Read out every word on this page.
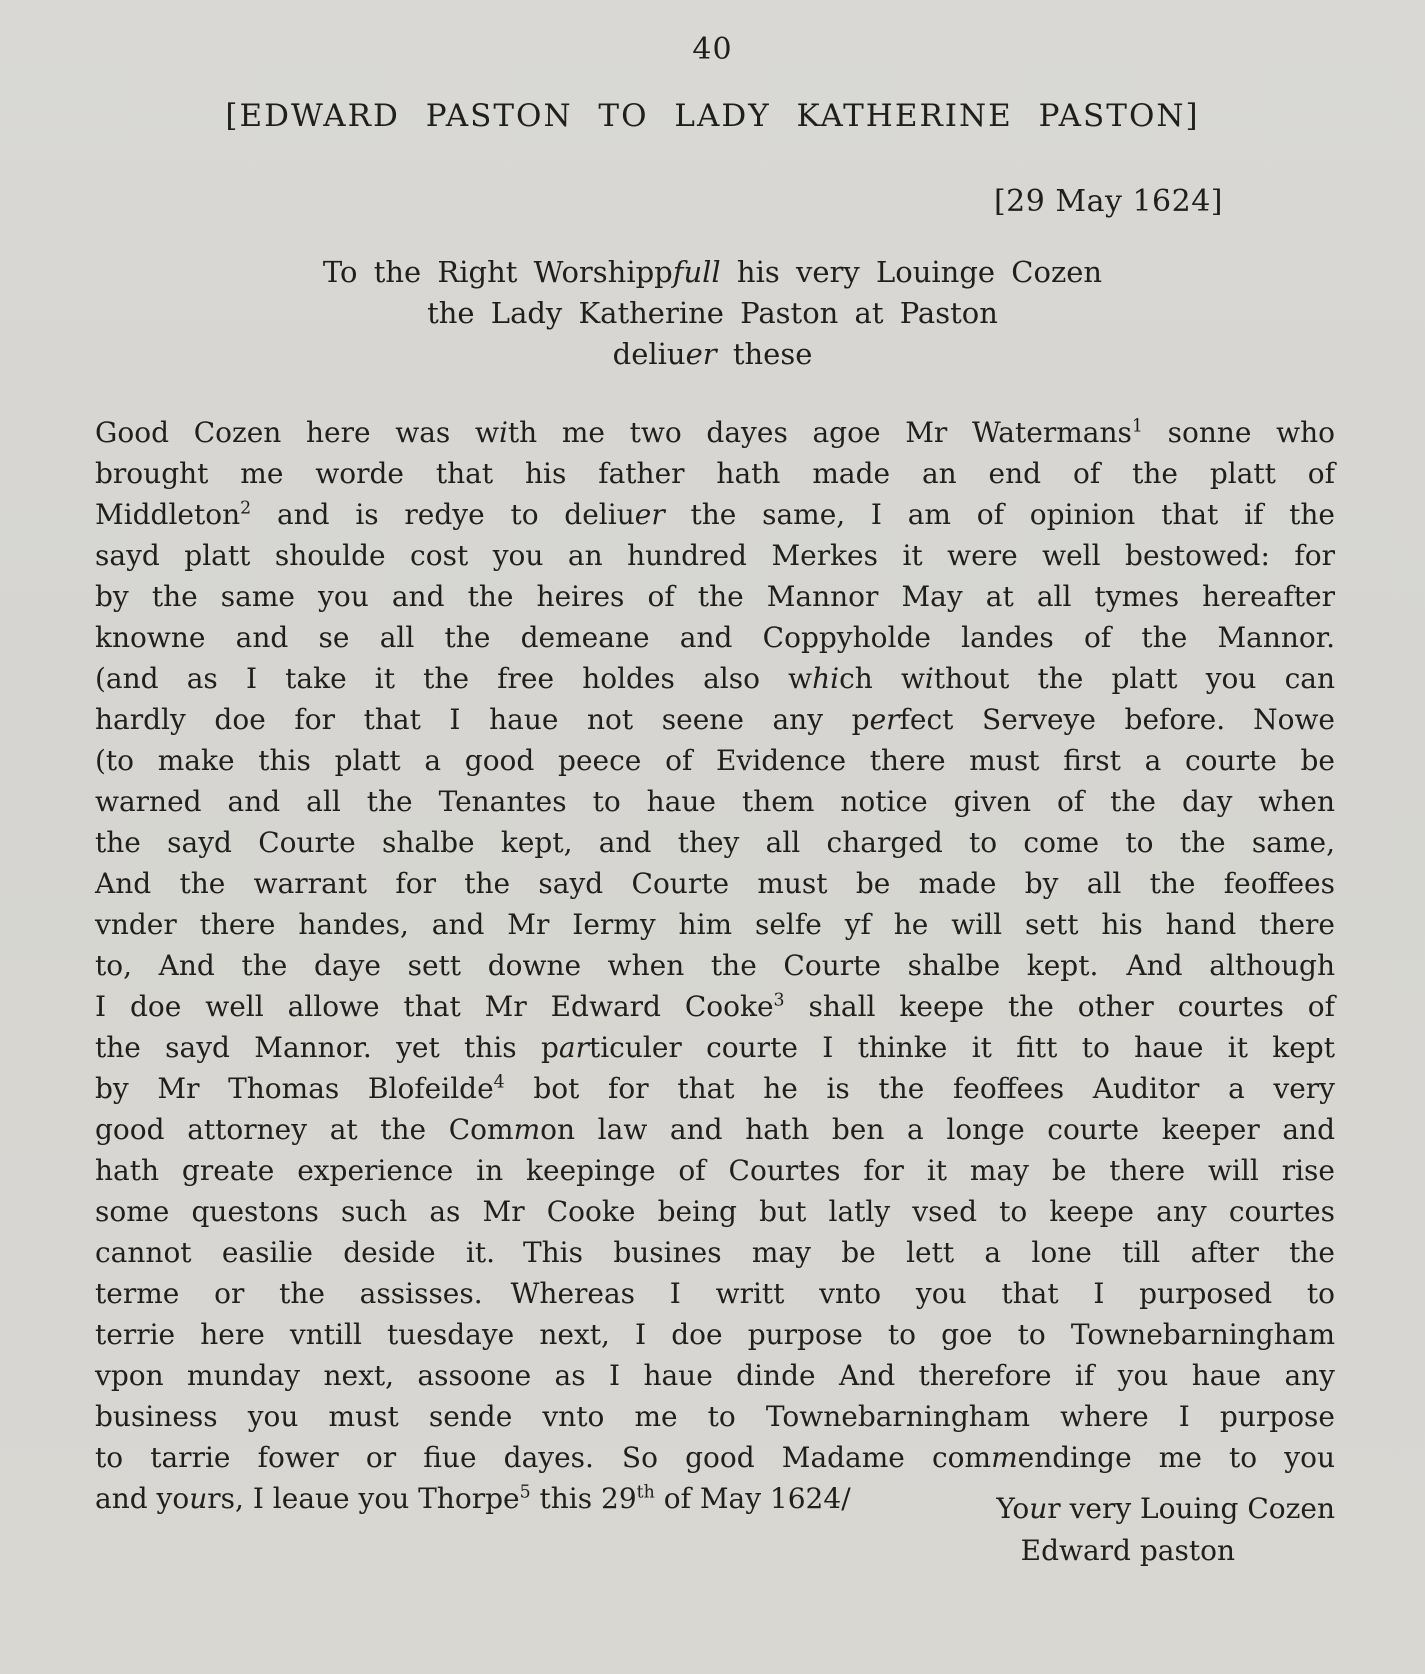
40
[EDWARD PASTON TO LADY KATHERINE PASTON]
[29 May 1624]
To the Right Worshippfull his very Louinge Cozen
the Lady Katherine Paston at Paston
deliuer these
Good Cozen here was with me two dayes agoe Mr Watermans$^1$ sonne who
brought me worde that his father hath made an end of the platt of
Middleton$^2$ and is redye to deliuer the same, I am of opinion that if the
sayd platt shoulde cost you an hundred Merkes it were well bestowed: for
by the same you and the heires of the Mannor May at all tymes hereafter
knowne and se all the demeane and Coppyholde landes of the Mannor.
(and as I take it the free holdes also which without the platt you can
hardly doe for that I haue not seene any perfect Serveye before. Nowe
(to make this platt a good peece of Evidence there must first a courte be
warned and all the Tenantes to haue them notice given of the day when
the sayd Courte shalbe kept, and they all charged to come to the same,
And the warrant for the sayd Courte must be made by all the feoffees
vnder there handes, and Mr Iermy him selfe yf he will sett his hand there
to, And the daye sett downe when the Courte shalbe kept. And although
I doe well allowe that Mr Edward Cooke$^3$ shall keepe the other courtes of
the sayd Mannor. yet this particuler courte I thinke it fitt to haue it kept
by Mr Thomas Blofeilde$^4$ bot for that he is the feoffees Auditor a very
good attorney at the Common law and hath ben a longe courte keeper and
hath greate experience in keepinge of Courtes for it may be there will rise
some questons such as Mr Cooke being but latly vsed to keepe any courtes
cannot easilie deside it. This busines may be lett a lone till after the
terme or the assisses. Whereas I writt vnto you that I purposed to
terrie here vntill tuesdaye next, I doe purpose to goe to Townebarningham
vpon munday next, assoone as I haue dinde And therefore if you haue any
business you must sende vnto me to Townebarningham where I purpose
to tarrie fower or fiue dayes. So good Madame commendinge me to you
and yours, I leaue you Thorpe$^5$ this 29th of May 1624/	Your very Louing Cozen
Edward paston
